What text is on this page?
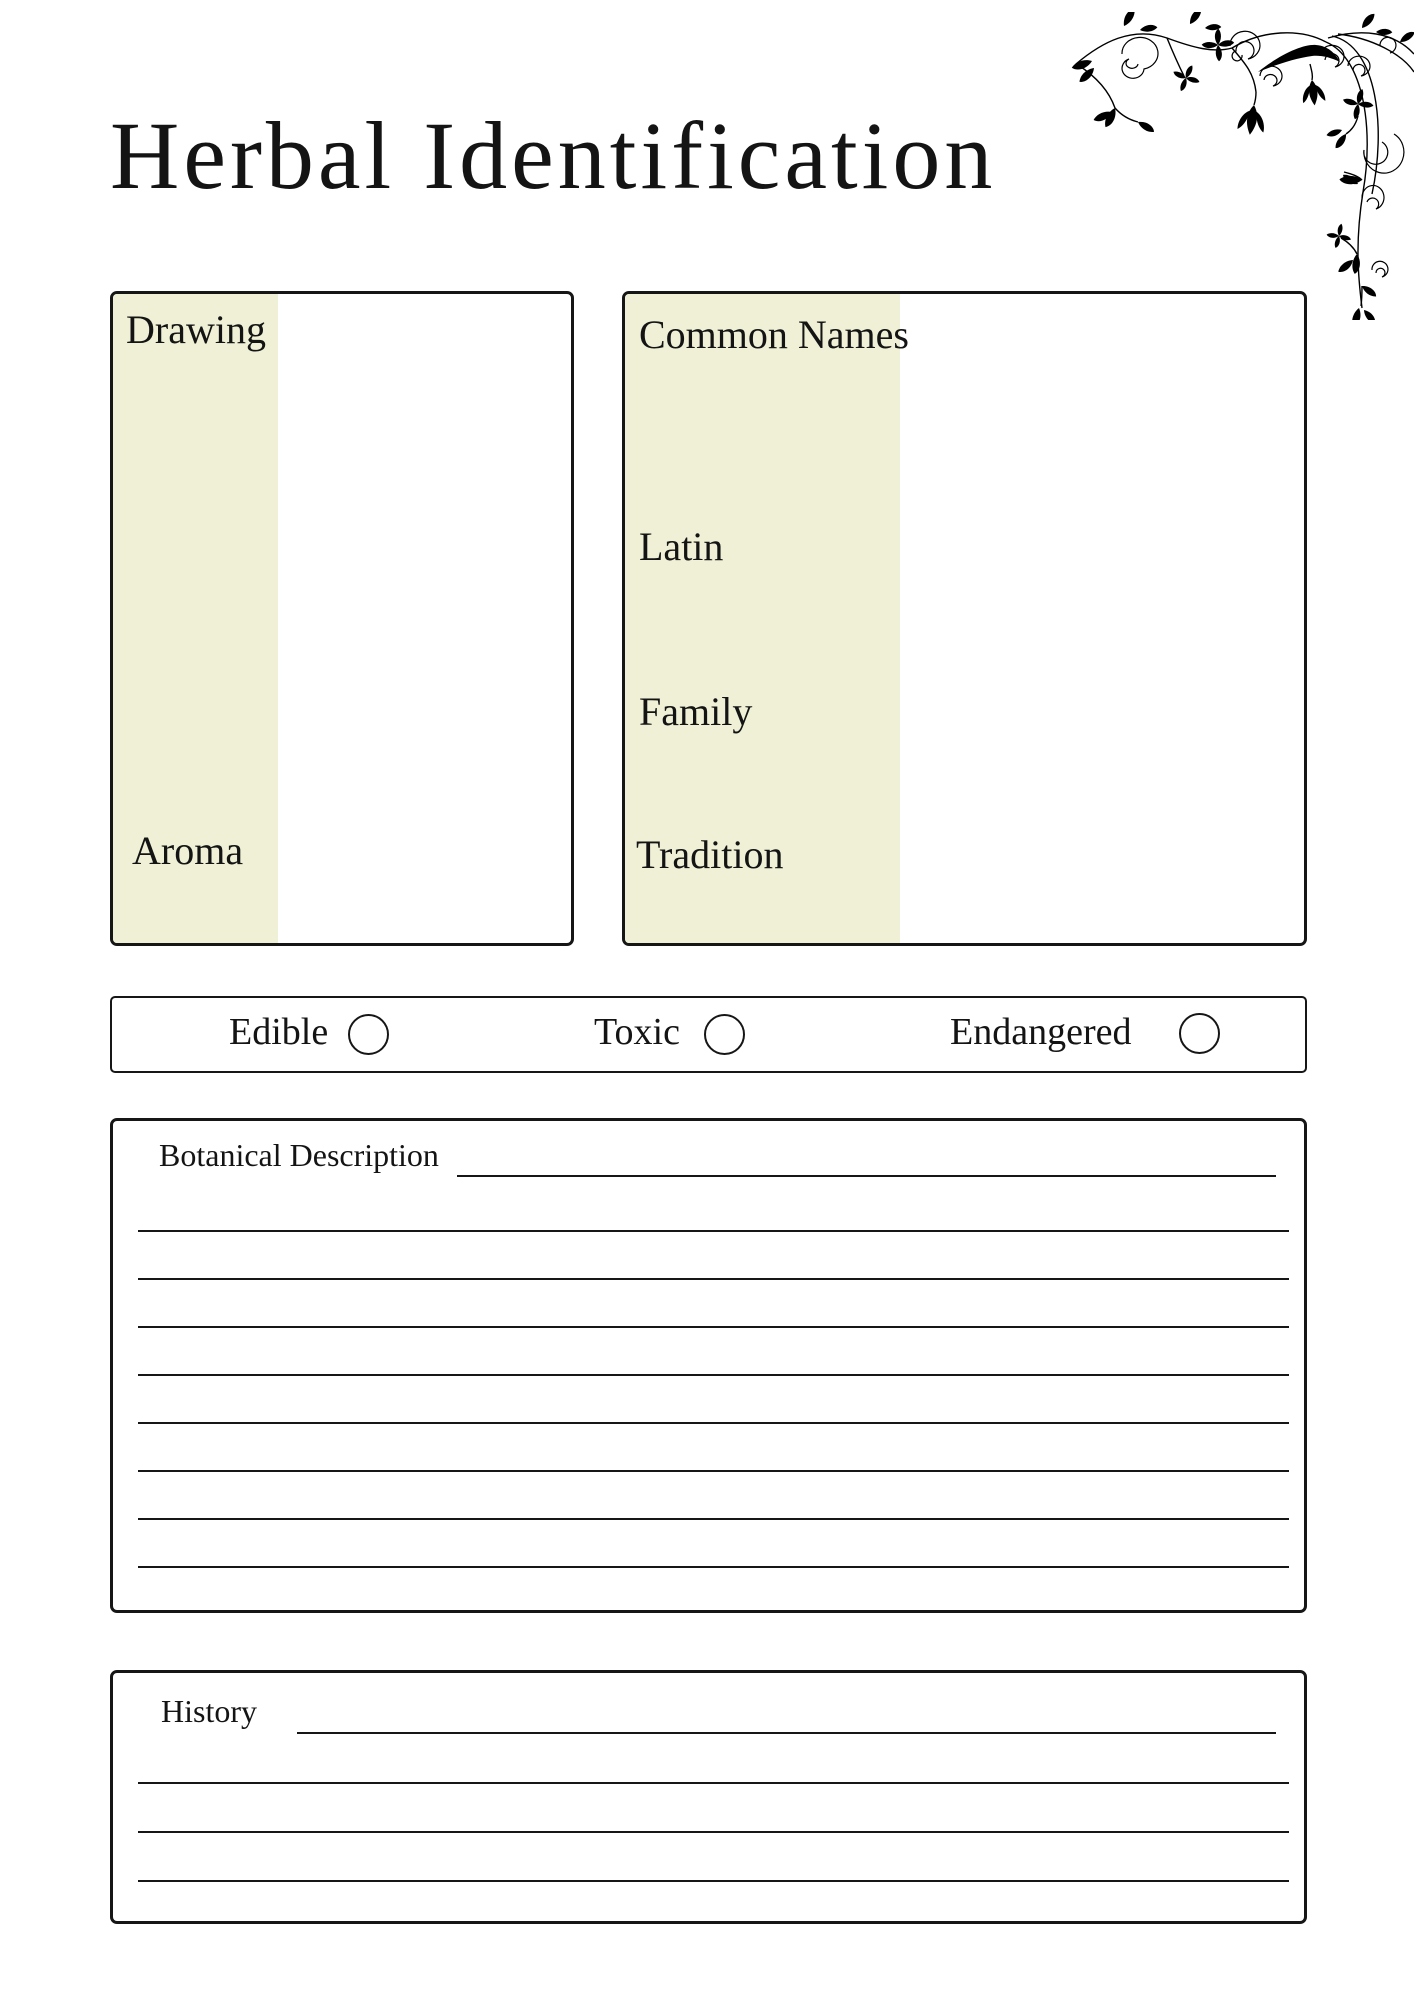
Herbal Identification
Drawing
Aroma
Common Names
Latin
Family
Tradition
Edible	Toxic	Endangered
Botanical Description
History
